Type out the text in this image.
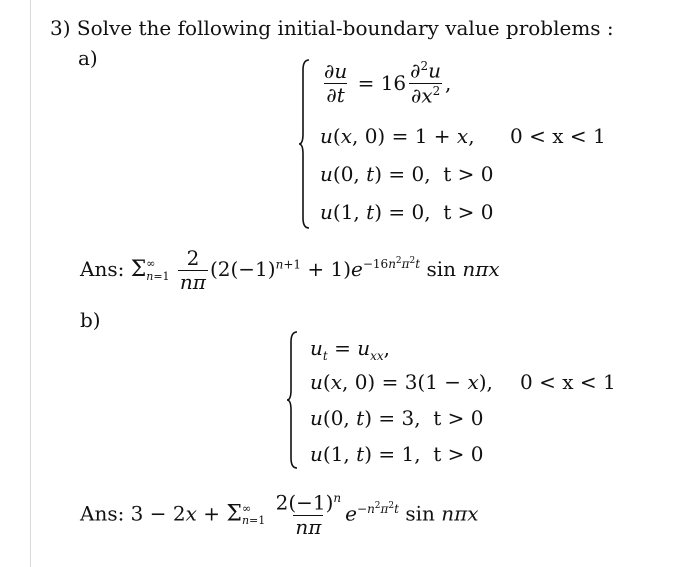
3) Solve the following initial-boundary value problems :
a)
$\frac{\partial u}{\partial t} = 16 \frac{\partial^2u}{\partial x^2}$ ,
u(x, 0) = 1 + x, 0 < x < 1
u(0, t) = 0,  t > 0
u(1, t) = 0,  t > 0
Ans: Σ ∞
n=1
$\frac{2}{n\pi} (2(-1)^{n+1} + 1)e^{-16n^2\pi^2t}$ sin nπx
b)
$u_t = u_{xx}$,
u(x, 0) = 3(1 − x), 0 < x < 1
u(0, t) = 3,  t > 0
u(1, t) = 1,  t > 0
Ans: 3 − 2x + Σ ∞
n=1
$\frac{2(-1)^n}{n\pi} e^{-n^2\pi^2t}$ sin nπx
